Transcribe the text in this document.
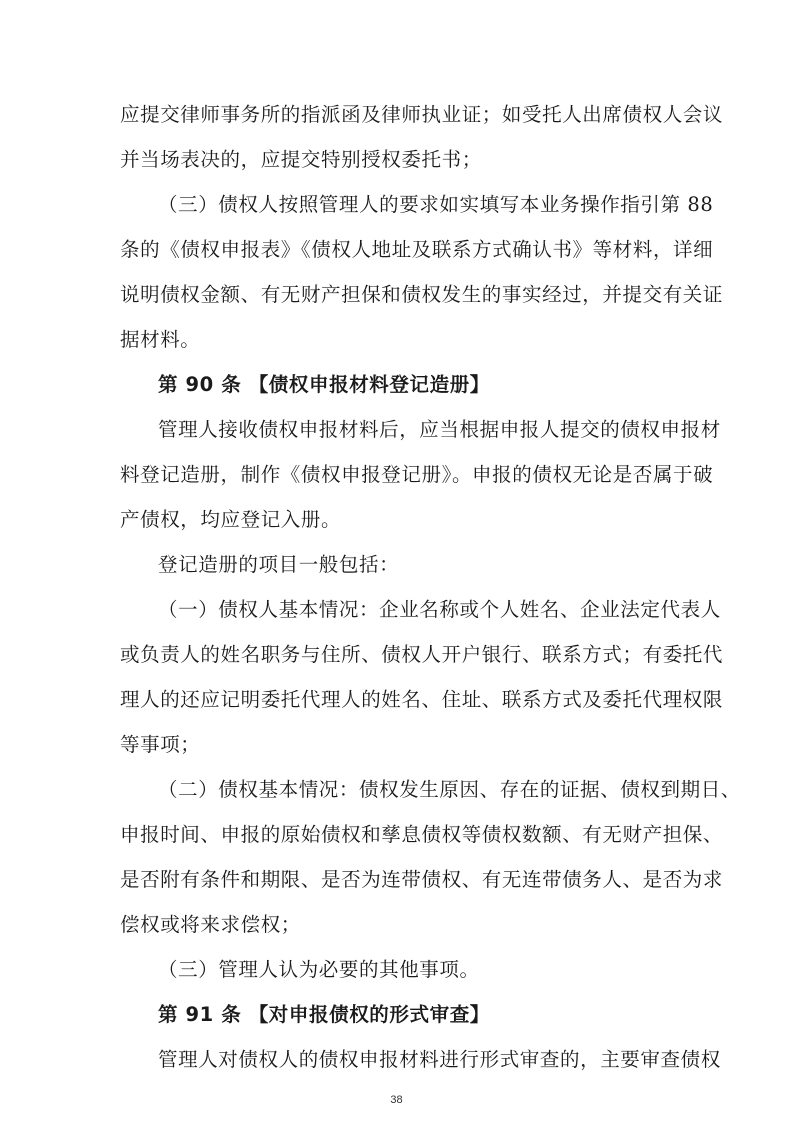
应提交律师事务所的指派函及律师执业证；如受托人出席债权人会议
并当场表决的，应提交特别授权委托书；
（三）债权人按照管理人的要求如实填写本业务操作指引第 88
条的《债权申报表》《债权人地址及联系方式确认书》等材料，详细
说明债权金额、有无财产担保和债权发生的事实经过，并提交有关证
据材料。
第 90 条 【债权申报材料登记造册】
管理人接收债权申报材料后，应当根据申报人提交的债权申报材
料登记造册，制作《债权申报登记册》。申报的债权无论是否属于破
产债权，均应登记入册。
登记造册的项目一般包括：
（一）债权人基本情况：企业名称或个人姓名、企业法定代表人
或负责人的姓名职务与住所、债权人开户银行、联系方式；有委托代
理人的还应记明委托代理人的姓名、住址、联系方式及委托代理权限
等事项；
（二）债权基本情况：债权发生原因、存在的证据、债权到期日、
申报时间、申报的原始债权和孳息债权等债权数额、有无财产担保、
是否附有条件和期限、是否为连带债权、有无连带债务人、是否为求
偿权或将来求偿权；
（三）管理人认为必要的其他事项。
第 91 条 【对申报债权的形式审查】
管理人对债权人的债权申报材料进行形式审查的，主要审查债权
38
